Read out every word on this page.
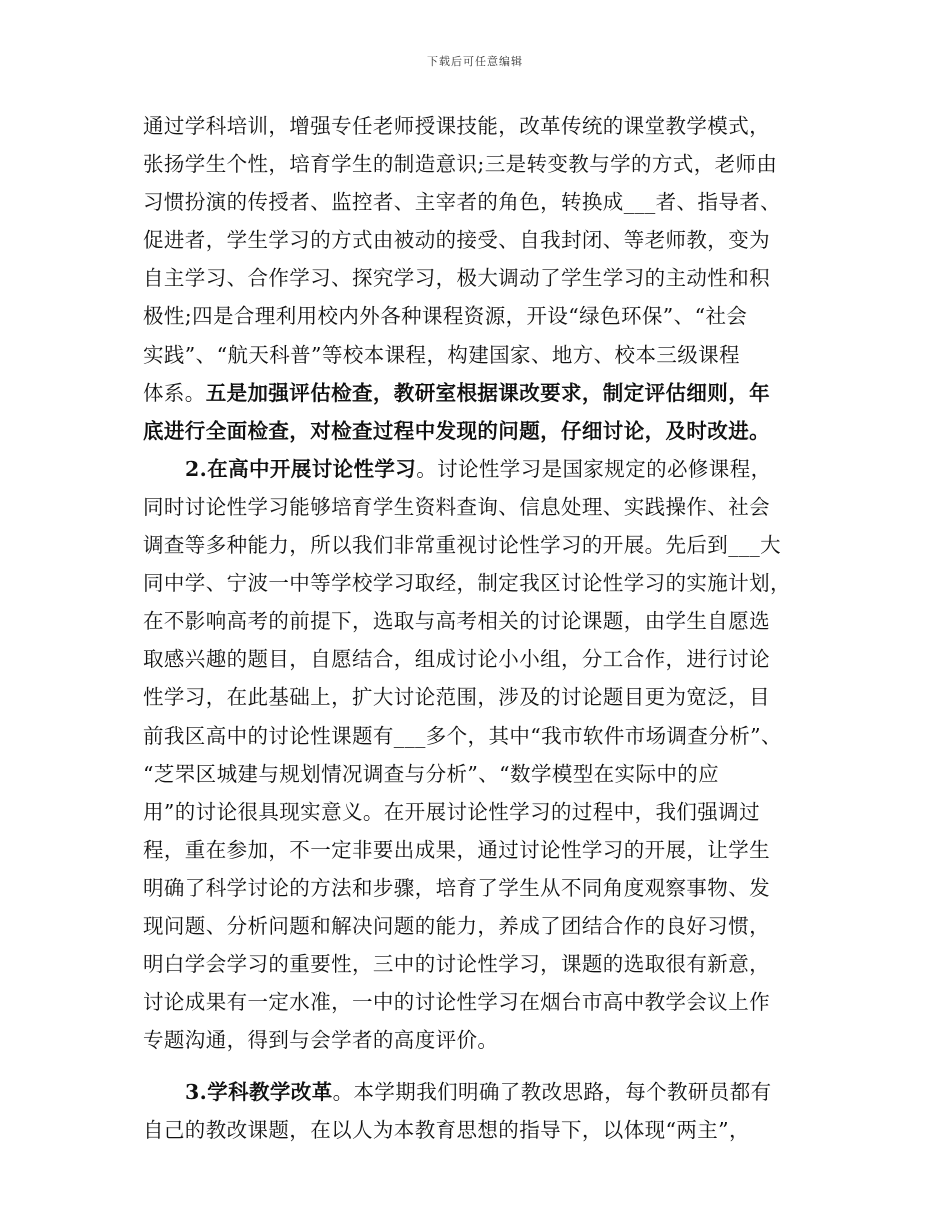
下载后可任意编辑
通过学科培训，增强专任老师授课技能，改革传统的课堂教学模式，
张扬学生个性，培育学生的制造意识;三是转变教与学的方式，老师由
习惯扮演的传授者、监控者、主宰者的角色，转换成___者、指导者、
促进者，学生学习的方式由被动的接受、自我封闭、等老师教，变为
自主学习、合作学习、探究学习，极大调动了学生学习的主动性和积
极性;四是合理利用校内外各种课程资源，开设“绿色环保”、“社会
实践”、“航天科普”等校本课程，构建国家、地方、校本三级课程
体系。五是加强评估检查，教研室根据课改要求，制定评估细则，年
底进行全面检查，对检查过程中发现的问题，仔细讨论，及时改进。
2.在高中开展讨论性学习。讨论性学习是国家规定的必修课程，
同时讨论性学习能够培育学生资料查询、信息处理、实践操作、社会
调查等多种能力，所以我们非常重视讨论性学习的开展。先后到___大
同中学、宁波一中等学校学习取经，制定我区讨论性学习的实施计划，
在不影响高考的前提下，选取与高考相关的讨论课题，由学生自愿选
取感兴趣的题目，自愿结合，组成讨论小小组，分工合作，进行讨论
性学习，在此基础上，扩大讨论范围，涉及的讨论题目更为宽泛，目
前我区高中的讨论性课题有___多个，其中“我市软件市场调查分析”、
“芝罘区城建与规划情况调查与分析”、“数学模型在实际中的应
用”的讨论很具现实意义。在开展讨论性学习的过程中，我们强调过
程，重在参加，不一定非要出成果，通过讨论性学习的开展，让学生
明确了科学讨论的方法和步骤，培育了学生从不同角度观察事物、发
现问题、分析问题和解决问题的能力，养成了团结合作的良好习惯，
明白学会学习的重要性，三中的讨论性学习，课题的选取很有新意，
讨论成果有一定水准，一中的讨论性学习在烟台市高中教学会议上作
专题沟通，得到与会学者的高度评价。
3.学科教学改革。本学期我们明确了教改思路，每个教研员都有
自己的教改课题，在以人为本教育思想的指导下，以体现“两主”，
